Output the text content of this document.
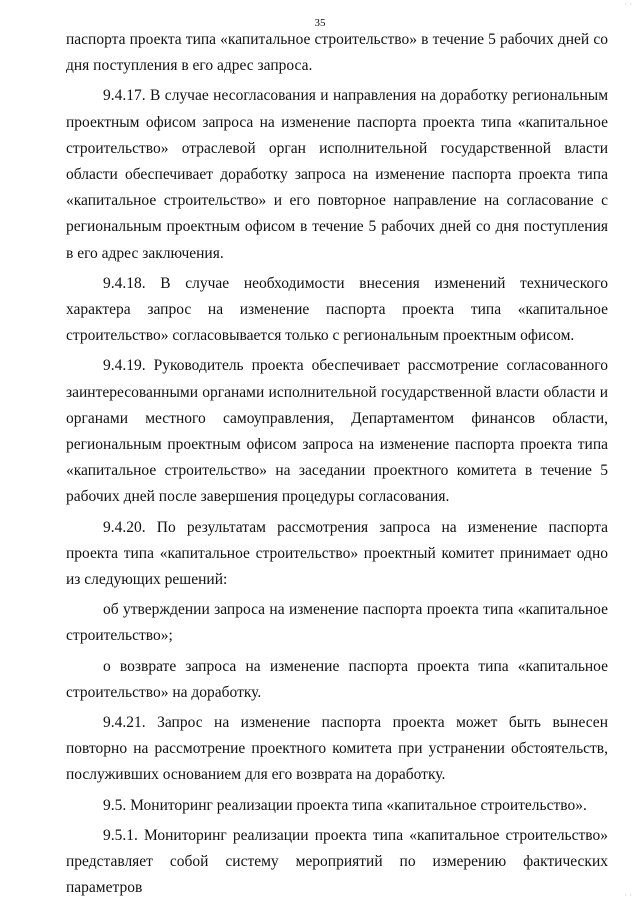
· ·
35

паспорта проекта типа «капитальное строительство» в течение 5 рабочих дней со дня поступления в его адрес запроса.

9.4.17. В случае несогласования и направления на доработку региональным проектным офисом запроса на изменение паспорта проекта типа «капитальное строительство» отраслевой орган исполнительной государственной власти области обеспечивает доработку запроса на изменение паспорта проекта типа «капитальное строительство» и его повторное направление на согласование с региональным проектным офисом в течение 5 рабочих дней со дня поступления в его адрес заключения.

9.4.18. В случае необходимости внесения изменений технического характера запрос на изменение паспорта проекта типа «капитальное строительство» согласовывается только с региональным проектным офисом.

9.4.19. Руководитель проекта обеспечивает рассмотрение согласованного заинтересованными органами исполнительной государственной власти области и органами местного самоуправления, Департаментом финансов области, региональным проектным офисом запроса на изменение паспорта проекта типа «капитальное строительство» на заседании проектного комитета в течение 5 рабочих дней после завершения процедуры согласования.

9.4.20. По результатам рассмотрения запроса на изменение паспорта проекта типа «капитальное строительство» проектный комитет принимает одно из следующих решений:

об утверждении запроса на изменение паспорта проекта типа «капитальное строительство»;

о возврате запроса на изменение паспорта проекта типа «капитальное строительство» на доработку.

9.4.21. Запрос на изменение паспорта проекта может быть вынесен повторно на рассмотрение проектного комитета при устранении обстоятельств, послуживших основанием для его возврата на доработку.

9.5. Мониторинг реализации проекта типа «капитальное строительство».

9.5.1. Мониторинг реализации проекта типа «капитальное строительство» представляет собой систему мероприятий по измерению фактических параметров	· ·
